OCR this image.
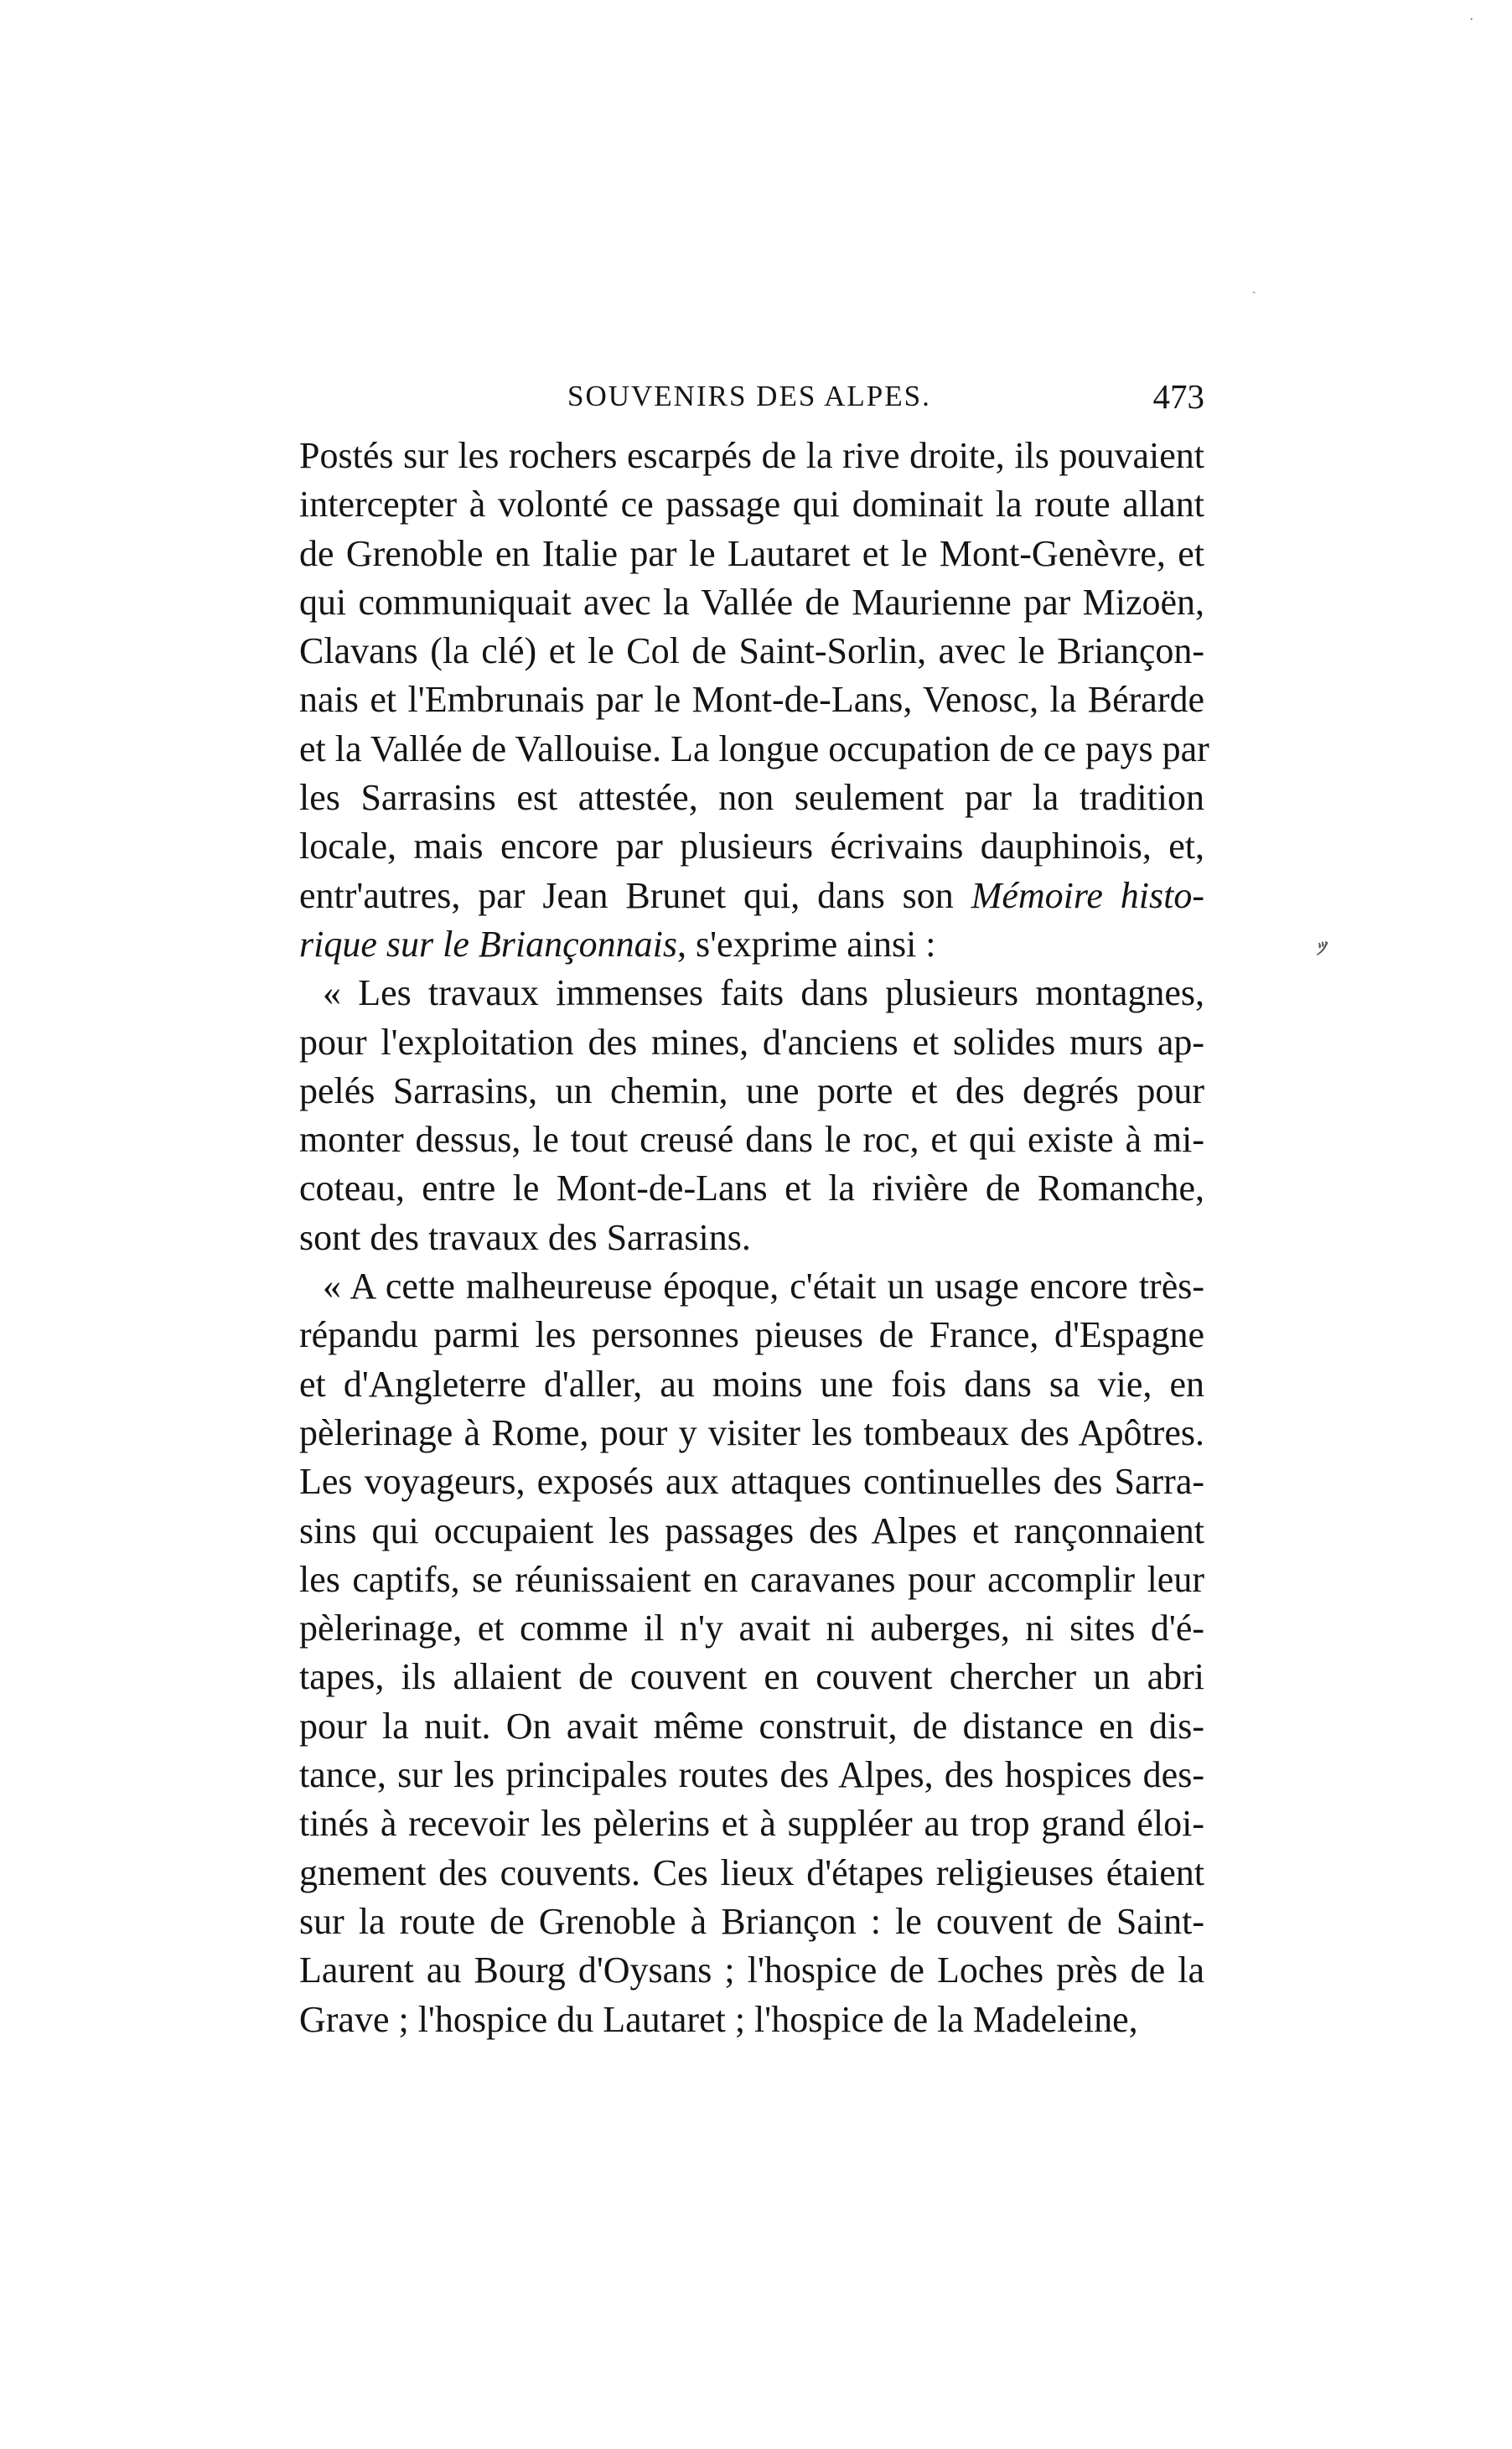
SOUVENIRS DES ALPES.	473
Postés sur les rochers escarpés de la rive droite, ils pouvaient
intercepter à volonté ce passage qui dominait la route allant
de Grenoble en Italie par le Lautaret et le Mont-Genèvre, et
qui communiquait avec la Vallée de Maurienne par Mizoën,
Clavans (la clé) et le Col de Saint-Sorlin, avec le Briançon-
nais et l'Embrunais par le Mont-de-Lans, Venosc, la Bérarde
et la Vallée de Vallouise. La longue occupation de ce pays par
les Sarrasins est attestée, non seulement par la tradition
locale, mais encore par plusieurs écrivains dauphinois, et,
entr'autres, par Jean Brunet qui, dans son Mémoire histo-
rique sur le Briançonnais, s'exprime ainsi :
« Les travaux immenses faits dans plusieurs montagnes,
pour l'exploitation des mines, d'anciens et solides murs ap-
pelés Sarrasins, un chemin, une porte et des degrés pour
monter dessus, le tout creusé dans le roc, et qui existe à mi-
coteau, entre le Mont-de-Lans et la rivière de Romanche,
sont des travaux des Sarrasins.
« A cette malheureuse époque, c'était un usage encore très-
répandu parmi les personnes pieuses de France, d'Espagne
et d'Angleterre d'aller, au moins une fois dans sa vie, en
pèlerinage à Rome, pour y visiter les tombeaux des Apôtres.
Les voyageurs, exposés aux attaques continuelles des Sarra-
sins qui occupaient les passages des Alpes et rançonnaient
les captifs, se réunissaient en caravanes pour accomplir leur
pèlerinage, et comme il n'y avait ni auberges, ni sites d'é-
tapes, ils allaient de couvent en couvent chercher un abri
pour la nuit. On avait même construit, de distance en dis-
tance, sur les principales routes des Alpes, des hospices des-
tinés à recevoir les pèlerins et à suppléer au trop grand éloi-
gnement des couvents. Ces lieux d'étapes religieuses étaient
sur la route de Grenoble à Briançon : le couvent de Saint-
Laurent au Bourg d'Oysans ; l'hospice de Loches près de la
Grave ; l'hospice du Lautaret ; l'hospice de la Madeleine,
ﾂ
ˎ
·
